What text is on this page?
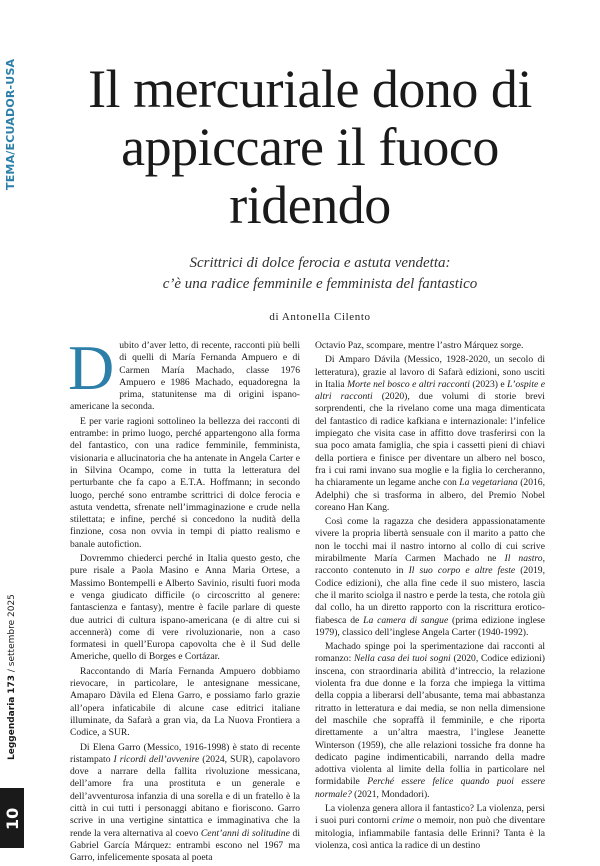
TEMA/ECUADOR-USA	Il mercuriale dono di appiccare il fuoco ridendo
Scrittrici di dolce ferocia e astuta vendetta:
c’è una radice femminile e femminista del fantastico
di Antonella Cilento

Dubito d’aver letto, di recente, racconti più belli di quelli di María Fernanda Ampuero e di Carmen María Machado, classe 1976 Ampuero e 1986 Machado, equadoregna la prima, statunitense ma di origini ispano-americane la seconda.

E per varie ragioni sottolineo la bellezza dei racconti di entrambe: in primo luogo, perché appartengono alla forma del fantastico, con una radice femminile, femminista, visionaria e allucinatoria che ha antenate in Angela Carter e in Silvina Ocampo, come in tutta la letteratura del perturbante che fa capo a E.T.A. Hoffmann; in secondo luogo, perché sono entrambe scrittrici di dolce ferocia e astuta vendetta, sfrenate nell’immaginazione e crude nella stilettata; e infine, perché si concedono la nudità della finzione, cosa non ovvia in tempi di piatto realismo e banale autofiction.

Dovremmo chiederci perché in Italia questo gesto, che pure risale a Paola Masino e Anna Maria Ortese, a Massimo Bontempelli e Alberto Savinio, risulti fuori moda e venga giudicato difficile (o circoscritto al genere: fantascienza e fantasy), mentre è facile parlare di queste due autrici di cultura ispano-americana (e di altre cui si accennerà) come di vere rivoluzionarie, non a caso formatesi in quell’Europa capovolta che è il Sud delle Americhe, quello di Borges e Cortázar.

Raccontando di María Fernanda Ampuero dobbiamo rievocare, in particolare, le antesignane messicane, Amaparo Dàvila ed Elena Garro, e possiamo farlo grazie all’opera infaticabile di alcune case editrici italiane illuminate, da Safarà a gran via, da La Nuova Frontiera a Codice, a SUR.

Di Elena Garro (Messico, 1916-1998) è stato di recente ristampato I ricordi dell’avvenire (2024, SUR), capolavoro dove a narrare della fallita rivoluzione messicana, dell’amore fra una prostituta e un generale e dell’avventurosa infanzia di una sorella e di un fratello è la città in cui tutti i personaggi abitano e fioriscono. Garro scrive in una vertigine sintattica e immaginativa che la rende la vera alternativa al coevo Cent’anni di solitudine di Gabriel García Márquez: entrambi escono nel 1967 ma Garro, infelicemente sposata al poeta

Octavio Paz, scompare, mentre l’astro Márquez sorge.

Di Amparo Dávila (Messico, 1928-2020, un secolo di letteratura), grazie al lavoro di Safarà edizioni, sono usciti in Italia Morte nel bosco e altri racconti (2023) e L’ospite e altri racconti (2020), due volumi di storie brevi sorprendenti, che la rivelano come una maga dimenticata del fantastico di radice kafkiana e internazionale: l’infelice impiegato che visita case in affitto dove trasferirsi con la sua poco amata famiglia, che spia i cassetti pieni di chiavi della portiera e finisce per diventare un albero nel bosco, fra i cui rami invano sua moglie e la figlia lo cercheranno, ha chiaramente un legame anche con La vegetariana (2016, Adelphi) che si trasforma in albero, del Premio Nobel coreano Han Kang.

Così come la ragazza che desidera appassionatamente vivere la propria libertà sensuale con il marito a patto che non le tocchi mai il nastro intorno al collo di cui scrive mirabilmente María Carmen Machado ne Il nastro, racconto contenuto in Il suo corpo e altre feste (2019, Codice edizioni), che alla fine cede il suo mistero, lascia che il marito sciolga il nastro e perde la testa, che rotola giù dal collo, ha un diretto rapporto con la riscrittura erotico-fiabesca de La camera di sangue (prima edizione inglese 1979), classico dell’inglese Angela Carter (1940-1992).

Machado spinge poi la sperimentazione dai racconti al romanzo: Nella casa dei tuoi sogni (2020, Codice edizioni) inscena, con straordinaria abilità d’intreccio, la relazione violenta fra due donne e la forza che impiega la vittima della coppia a liberarsi dell’abusante, tema mai abbastanza ritratto in letteratura e dai media, se non nella dimensione del maschile che sopraffà il femminile, e che riporta direttamente a un’altra maestra, l’inglese Jeanette Winterson (1959), che alle relazioni tossiche fra donne ha dedicato pagine indimenticabili, narrando della madre adottiva violenta al limite della follia in particolare nel formidabile Perché essere felice quando puoi essere normale? (2021, Mondadori).

La violenza genera allora il fantastico? La violenza, persi i suoi puri contorni crime o memoir, non può che diventare mitologia, infiammabile fantasia delle Erinni? Tanta è la violenza, così antica la radice di un destino

Leggendaria 173 / settembre 2025
10
